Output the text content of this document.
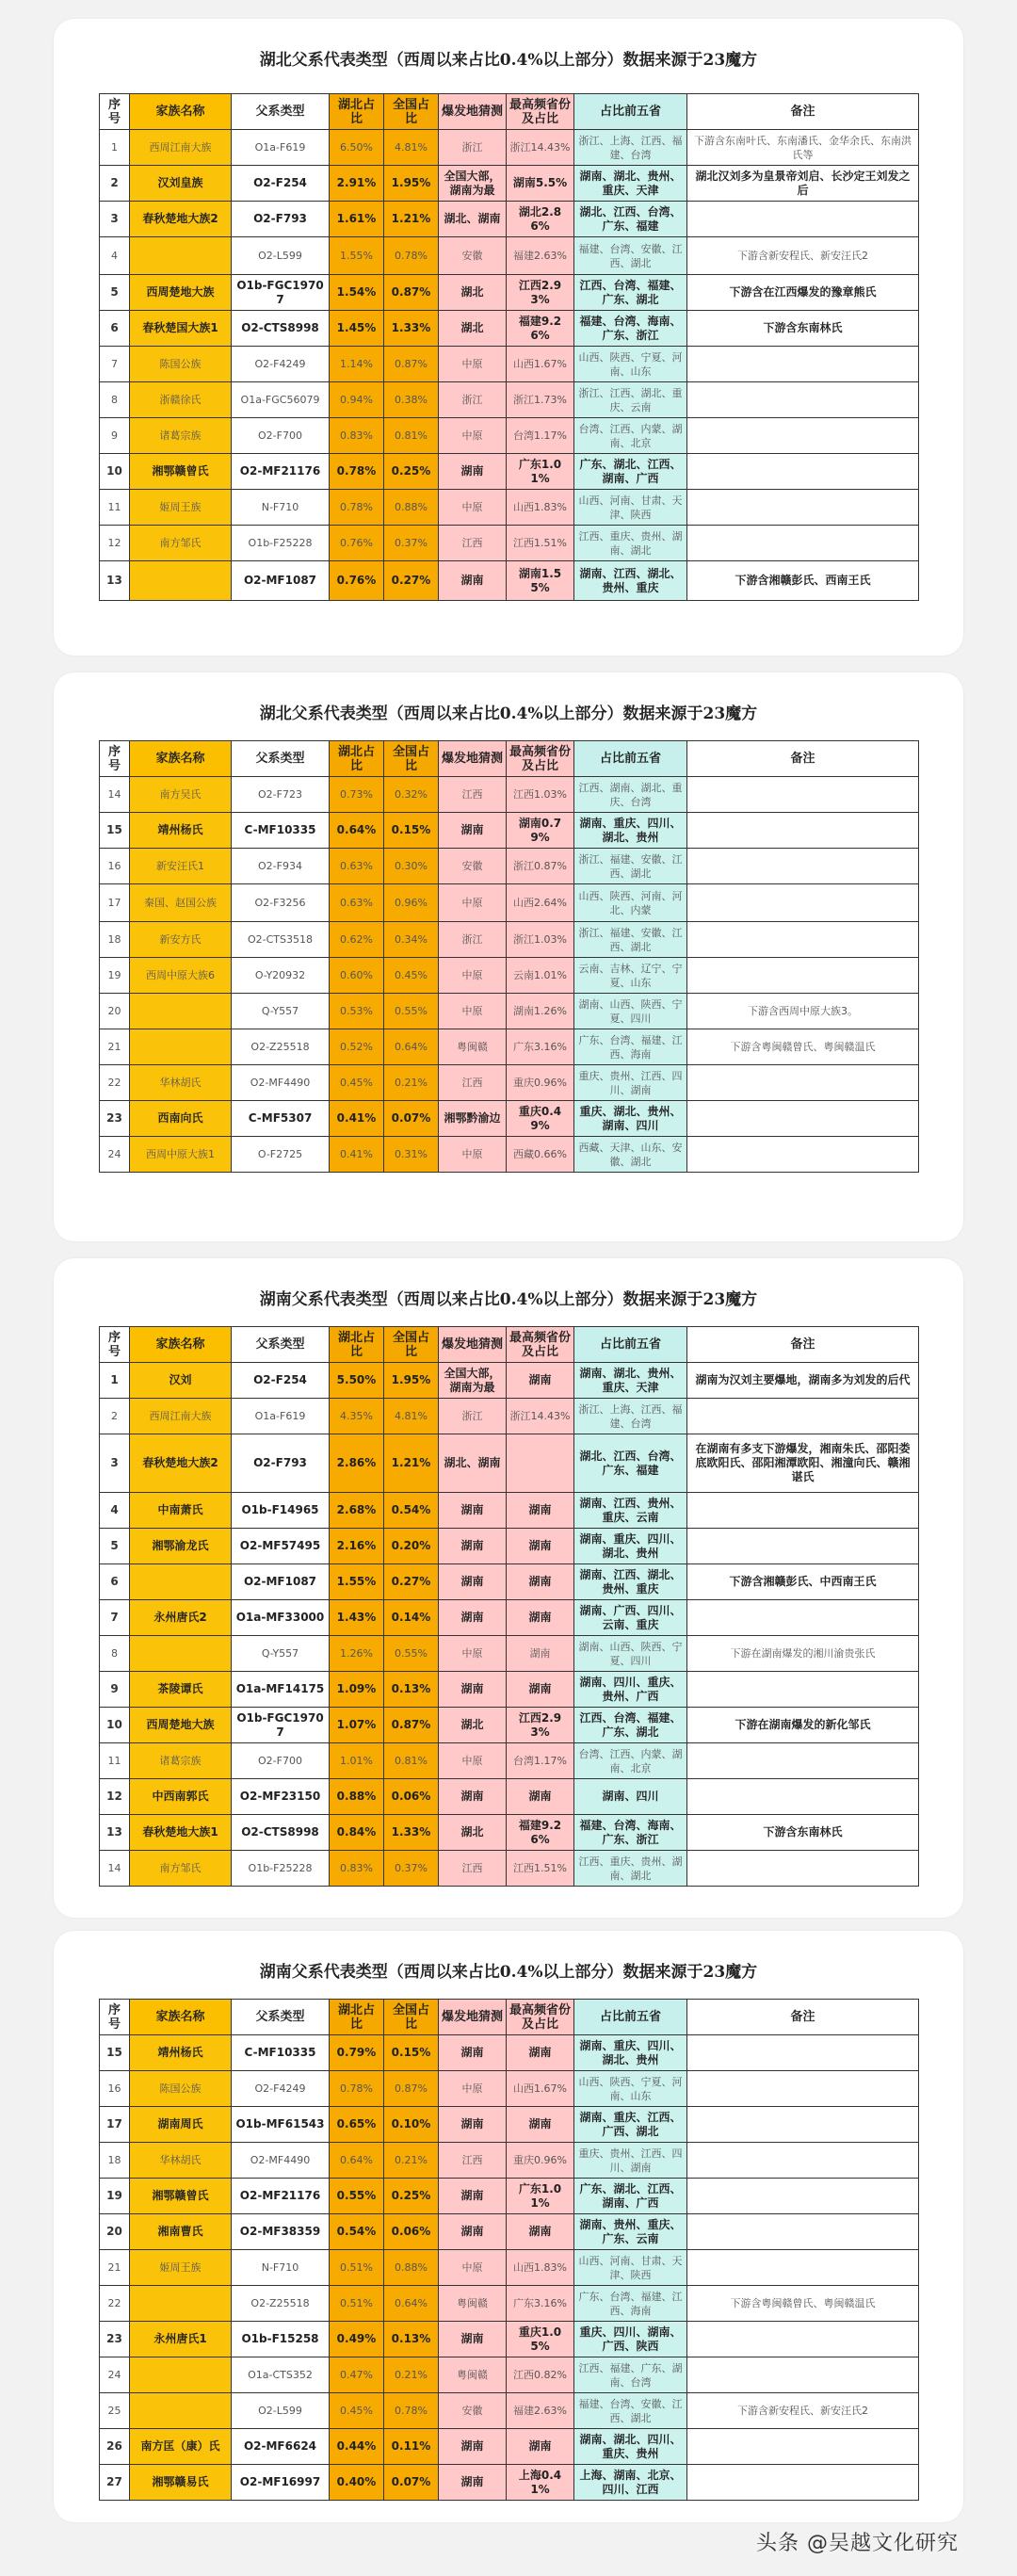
湖北父系代表类型（西周以来占比0.4%以上部分）数据来源于23魔方
序号	家族名称	父系类型	湖北占比	全国占比	爆发地猜测	最高频省份及占比	占比前五省	备注
1	西周江南大族	O1a-F619	6.50%	4.81%	浙江	浙江14.43%	浙江、上海、江西、福建、台湾	下游含东南叶氏、东南潘氏、金华余氏、东南洪氏等
2	汉刘皇族	O2-F254	2.91%	1.95%	全国大部，湖南为最	湖南5.5%	湖南、湖北、贵州、重庆、天津	湖北汉刘多为皇景帝刘启、长沙定王刘发之后
3	春秋楚地大族2	O2-F793	1.61%	1.21%	湖北、湖南	湖北2.86%	湖北、江西、台湾、广东、福建	
4		O2-L599	1.55%	0.78%	安徽	福建2.63%	福建、台湾、安徽、江西、湖北	下游含新安程氏、新安汪氏2
5	西周楚地大族	O1b-FGC19707	1.54%	0.87%	湖北	江西2.93%	江西、台湾、福建、广东、湖北	下游含在江西爆发的豫章熊氏
6	春秋楚国大族1	O2-CTS8998	1.45%	1.33%	湖北	福建9.26%	福建、台湾、海南、广东、浙江	下游含东南林氏
7	陈国公族	O2-F4249	1.14%	0.87%	中原	山西1.67%	山西、陕西、宁夏、河南、山东	
8	浙赣徐氏	O1a-FGC56079	0.94%	0.38%	浙江	浙江1.73%	浙江、江西、湖北、重庆、云南	
9	诸葛宗族	O2-F700	0.83%	0.81%	中原	台湾1.17%	台湾、江西、内蒙、湖南、北京	
10	湘鄂赣曾氏	O2-MF21176	0.78%	0.25%	湖南	广东1.01%	广东、湖北、江西、湖南、广西	
11	姬周王族	N-F710	0.78%	0.88%	中原	山西1.83%	山西、河南、甘肃、天津、陕西	
12	南方邹氏	O1b-F25228	0.76%	0.37%	江西	江西1.51%	江西、重庆、贵州、湖南、湖北	
13		O2-MF1087	0.76%	0.27%	湖南	湖南1.55%	湖南、江西、湖北、贵州、重庆	下游含湘赣彭氏、西南王氏
湖北父系代表类型（西周以来占比0.4%以上部分）数据来源于23魔方
序号	家族名称	父系类型	湖北占比	全国占比	爆发地猜测	最高频省份及占比	占比前五省	备注
14	南方吴氏	O2-F723	0.73%	0.32%	江西	江西1.03%	江西、湖南、湖北、重庆、台湾	
15	靖州杨氏	C-MF10335	0.64%	0.15%	湖南	湖南0.79%	湖南、重庆、四川、湖北、贵州	
16	新安汪氏1	O2-F934	0.63%	0.30%	安徽	浙江0.87%	浙江、福建、安徽、江西、湖北	
17	秦国、赵国公族	O2-F3256	0.63%	0.96%	中原	山西2.64%	山西、陕西、河南、河北、内蒙	
18	新安方氏	O2-CTS3518	0.62%	0.34%	浙江	浙江1.03%	浙江、福建、安徽、江西、湖北	
19	西周中原大族6	O-Y20932	0.60%	0.45%	中原	云南1.01%	云南、吉林、辽宁、宁夏、山东	
20		Q-Y557	0.53%	0.55%	中原	湖南1.26%	湖南、山西、陕西、宁夏、四川	下游含西周中原大族3。
21		O2-Z25518	0.52%	0.64%	粤闽赣	广东3.16%	广东、台湾、福建、江西、海南	下游含粤闽赣曾氏、粤闽赣温氏
22	华林胡氏	O2-MF4490	0.45%	0.21%	江西	重庆0.96%	重庆、贵州、江西、四川、湖南	
23	西南向氏	C-MF5307	0.41%	0.07%	湘鄂黔渝边	重庆0.49%	重庆、湖北、贵州、湖南、四川	
24	西周中原大族1	O-F2725	0.41%	0.31%	中原	西藏0.66%	西藏、天津、山东、安徽、湖北	
湖南父系代表类型（西周以来占比0.4%以上部分）数据来源于23魔方
序号	家族名称	父系类型	湖北占比	全国占比	爆发地猜测	最高频省份及占比	占比前五省	备注
1	汉刘	O2-F254	5.50%	1.95%	全国大部，湖南为最	湖南	湖南、湖北、贵州、重庆、天津	湖南为汉刘主要爆地，湖南多为刘发的后代
2	西周江南大族	O1a-F619	4.35%	4.81%	浙江	浙江14.43%	浙江、上海、江西、福建、台湾	
3	春秋楚地大族2	O2-F793	2.86%	1.21%	湖北、湖南		湖北、江西、台湾、广东、福建	在湖南有多支下游爆发，湘南朱氏、邵阳娄底欧阳氏、邵阳湘潭欧阳、湘潼向氏、赣湘谌氏
4	中南萧氏	O1b-F14965	2.68%	0.54%	湖南	湖南	湖南、江西、贵州、重庆、云南	
5	湘鄂渝龙氏	O2-MF57495	2.16%	0.20%	湖南	湖南	湖南、重庆、四川、湖北、贵州	
6		O2-MF1087	1.55%	0.27%	湖南	湖南	湖南、江西、湖北、贵州、重庆	下游含湘赣彭氏、中西南王氏
7	永州唐氏2	O1a-MF33000	1.43%	0.14%	湖南	湖南	湖南、广西、四川、云南、重庆	
8		Q-Y557	1.26%	0.55%	中原	湖南	湖南、山西、陕西、宁夏、四川	下游在湖南爆发的湘川渝贵张氏
9	茶陵谭氏	O1a-MF14175	1.09%	0.13%	湖南	湖南	湖南、四川、重庆、贵州、广西	
10	西周楚地大族	O1b-FGC19707	1.07%	0.87%	湖北	江西2.93%	江西、台湾、福建、广东、湖北	下游在湖南爆发的新化邹氏
11	诸葛宗族	O2-F700	1.01%	0.81%	中原	台湾1.17%	台湾、江西、内蒙、湖南、北京	
12	中西南郭氏	O2-MF23150	0.88%	0.06%	湖南	湖南	湖南、四川	
13	春秋楚地大族1	O2-CTS8998	0.84%	1.33%	湖北	福建9.26%	福建、台湾、海南、广东、浙江	下游含东南林氏
14	南方邹氏	O1b-F25228	0.83%	0.37%	江西	江西1.51%	江西、重庆、贵州、湖南、湖北	
湖南父系代表类型（西周以来占比0.4%以上部分）数据来源于23魔方
序号	家族名称	父系类型	湖北占比	全国占比	爆发地猜测	最高频省份及占比	占比前五省	备注
15	靖州杨氏	C-MF10335	0.79%	0.15%	湖南	湖南	湖南、重庆、四川、湖北、贵州	
16	陈国公族	O2-F4249	0.78%	0.87%	中原	山西1.67%	山西、陕西、宁夏、河南、山东	
17	湖南周氏	O1b-MF61543	0.65%	0.10%	湖南	湖南	湖南、重庆、江西、广西、湖北	
18	华林胡氏	O2-MF4490	0.64%	0.21%	江西	重庆0.96%	重庆、贵州、江西、四川、湖南	
19	湘鄂赣曾氏	O2-MF21176	0.55%	0.25%	湖南	广东1.01%	广东、湖北、江西、湖南、广西	
20	湘南曹氏	O2-MF38359	0.54%	0.06%	湖南	湖南	湖南、贵州、重庆、广东、云南	
21	姬周王族	N-F710	0.51%	0.88%	中原	山西1.83%	山西、河南、甘肃、天津、陕西	
22		O2-Z25518	0.51%	0.64%	粤闽赣	广东3.16%	广东、台湾、福建、江西、海南	下游含粤闽赣曾氏、粤闽赣温氏
23	永州唐氏1	O1b-F15258	0.49%	0.13%	湖南	重庆1.05%	重庆、四川、湖南、广西、陕西	
24		O1a-CTS352	0.47%	0.21%	粤闽赣	江西0.82%	江西、福建、广东、湖南、台湾	
25		O2-L599	0.45%	0.78%	安徽	福建2.63%	福建、台湾、安徽、江西、湖北	下游含新安程氏、新安汪氏2
26	南方匡（康）氏	O2-MF6624	0.44%	0.11%	湖南	湖南	湖南、湖北、四川、重庆、贵州	
27	湘鄂赣易氏	O2-MF16997	0.40%	0.07%	湖南	上海0.41%	上海、湖南、北京、四川、江西	
头条 @吴越文化研究
